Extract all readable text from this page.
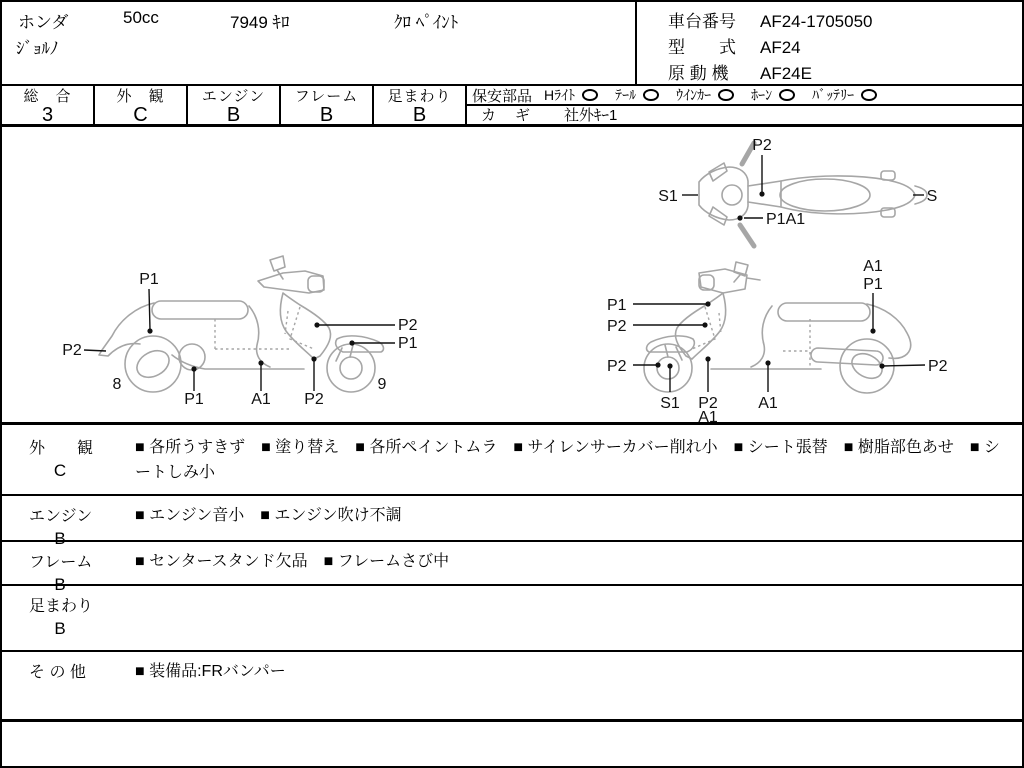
ホンダ	50cc	7949 ｷﾛ	ｸﾛ ﾍﾟｲﾝﾄ
ｼﾞｮﾙﾉ
車台番号 AF24-1705050
型　　式 AF24
原 動 機 AF24E
総　合
3
外　観
C
エンジン
B
フレーム
B
足まわり
B
保安部品 Hﾗｲﾄ	ﾃｰﾙ	ｳｲﾝｶｰ	ﾎｰﾝ	ﾊﾞｯﾃﾘｰ
カ　ギ 社外ｷｰ1
P2
S1
P1A1
S
P1
P2
8
P1	A1 P2
P2
P1
9
A1
P1
P1
P2
P2
S1 P2
A1
A1
P2
外　　観
C
■ 各所うすきず　■ 塗り替え　■ 各所ペイントムラ　■ サイレンサーカバー削れ小　■ シート張替　■ 樹脂部色あせ　■ シートしみ小
エンジン
B
■ エンジン音小　■ エンジン吹け不調
フレーム
B
■ センタースタンド欠品　■ フレームさび中
足まわり
B
そ の 他	■ 装備品:FRバンパー
